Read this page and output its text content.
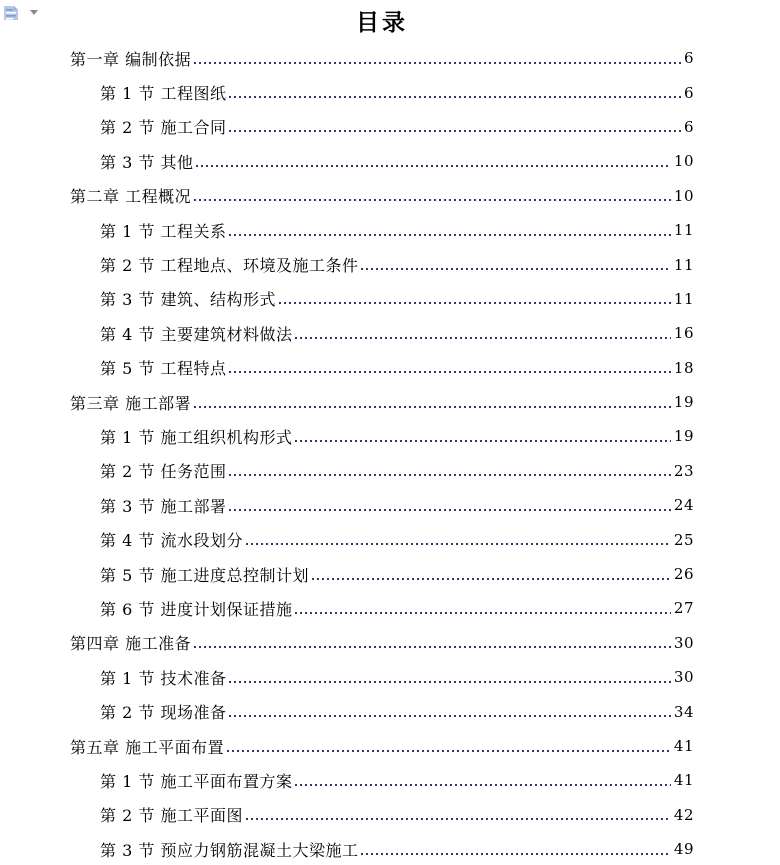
目录
第一章 编制依据	6
第 1 节 工程图纸	6
第 2 节 施工合同	6
第 3 节 其他	10
第二章 工程概况	10
第 1 节 工程关系	11
第 2 节 工程地点、环境及施工条件	11
第 3 节 建筑、结构形式	11
第 4 节 主要建筑材料做法	16
第 5 节 工程特点	18
第三章 施工部署	19
第 1 节 施工组织机构形式	19
第 2 节 任务范围	23
第 3 节 施工部署	24
第 4 节 流水段划分	25
第 5 节 施工进度总控制计划	26
第 6 节 进度计划保证措施	27
第四章 施工准备	30
第 1 节 技术准备	30
第 2 节 现场准备	34
第五章 施工平面布置	41
第 1 节 施工平面布置方案	41
第 2 节 施工平面图	42
第 3 节 预应力钢筋混凝土大梁施工	49
